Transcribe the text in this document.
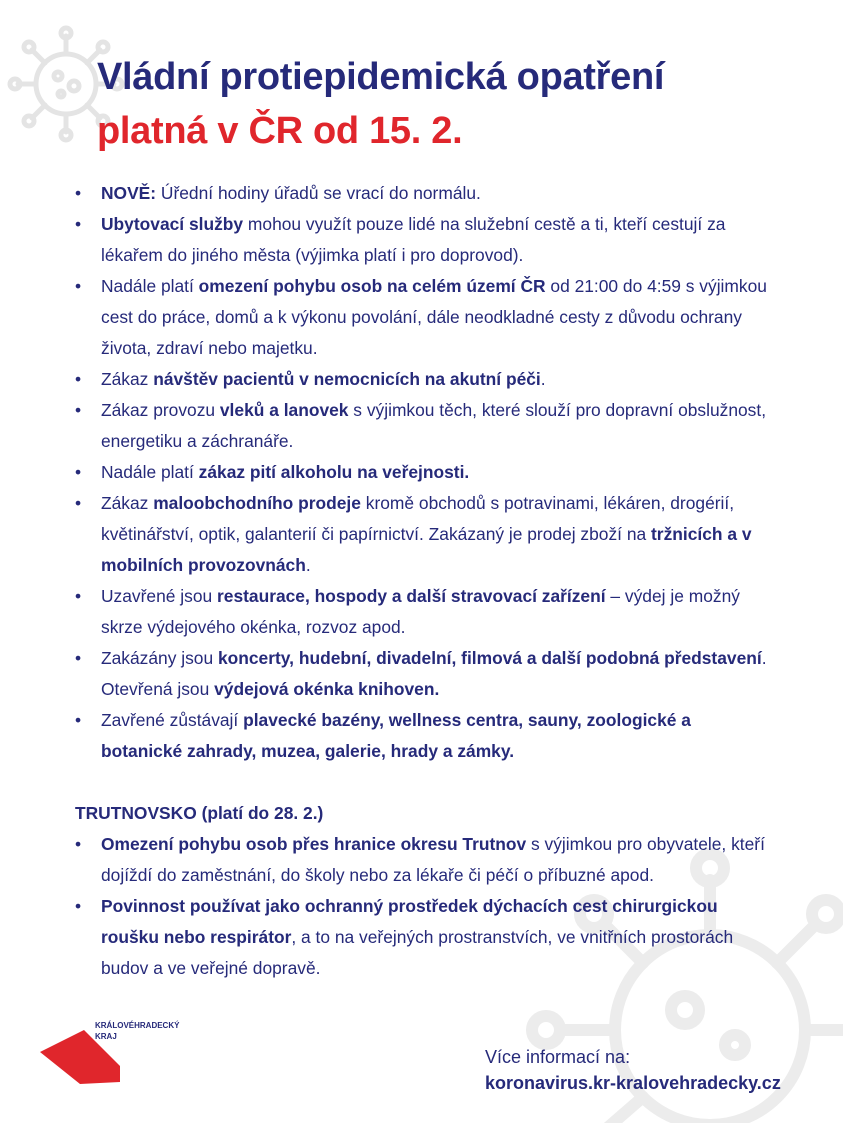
Vládní protiepidemická opatření
platná v ČR od 15. 2.
• NOVĚ: Úřední hodiny úřadů se vrací do normálu.
• Ubytovací služby mohou využít pouze lidé na služební cestě a ti, kteří cestují za lékařem do jiného města (výjimka platí i pro doprovod).
• Nadále platí omezení pohybu osob na celém území ČR od 21:00 do 4:59 s výjimkou cest do práce, domů a k výkonu povolání, dále neodkladné cesty z důvodu ochrany života, zdraví nebo majetku.
• Zákaz návštěv pacientů v nemocnicích na akutní péči.
• Zákaz provozu vleků a lanovek s výjimkou těch, které slouží pro dopravní obslužnost, energetiku a záchranáře.
• Nadále platí zákaz pití alkoholu na veřejnosti.
• Zákaz maloobchodního prodeje kromě obchodů s potravinami, lékáren, drogérií, květinářství, optik, galanterií či papírnictví. Zakázaný je prodej zboží na tržnicích a v mobilních provozovnách.
• Uzavřené jsou restaurace, hospody a další stravovací zařízení – výdej je možný skrze výdejového okénka, rozvoz apod.
• Zakázány jsou koncerty, hudební, divadelní, filmová a další podobná představení. Otevřená jsou výdejová okénka knihoven.
• Zavřené zůstávají plavecké bazény, wellness centra, sauny, zoologické a botanické zahrady, muzea, galerie, hrady a zámky.
TRUTNOVSKO (platí do 28. 2.)
• Omezení pohybu osob přes hranice okresu Trutnov s výjimkou pro obyvatele, kteří dojíždí do zaměstnání, do školy nebo za lékaře či péčí o příbuzné apod.
• Povinnost používat jako ochranný prostředek dýchacích cest chirurgickou roušku nebo respirátor, a to na veřejných prostranstvích, ve vnitřních prostorách budov a ve veřejné dopravě.
KRÁLOVÉHRADECKÝ
KRAJ
Více informací na:
koronavirus.kr-kralovehradecky.cz
